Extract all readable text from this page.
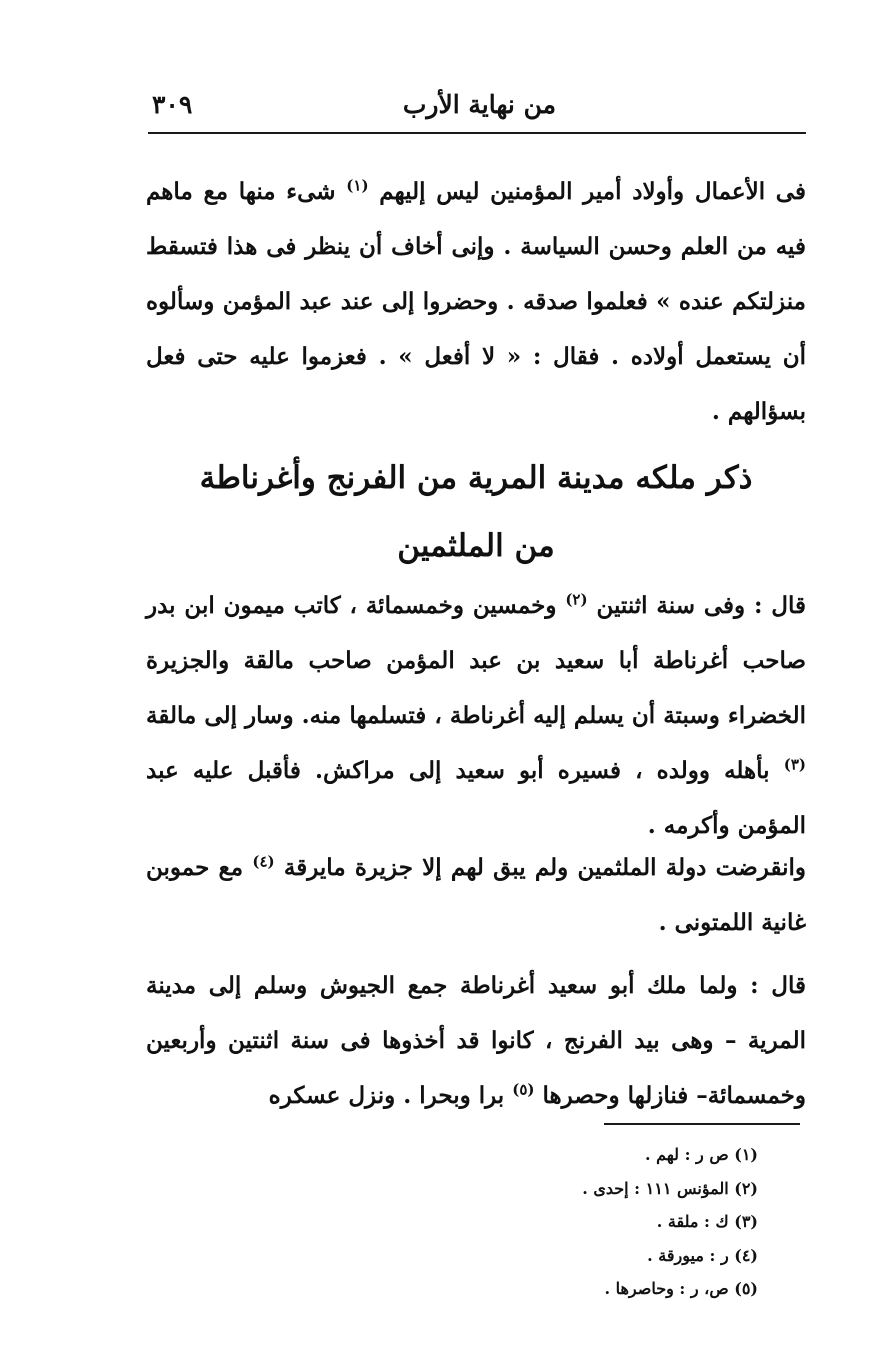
من نهاية الأرب
٣٠٩
فى الأعمال وأولاد أمير المؤمنين ليس إليهم $^{(١)}$ شىء منها مع ماهم فيه من العلم وحسن السياسة . وإنى أخاف أن ينظر فى هذا فتسقط منزلتكم عنده » فعلموا صدقه . وحضروا إلى عند عبد المؤمن وسألوه أن يستعمل أولاده . فقال : « لا أفعل » . فعزموا عليه حتى فعل بسؤالهم .
ذكر ملكه مدينة المرية من الفرنج وأغرناطة
من الملثمين
قال : وفى سنة اثنتين $^{(٢)}$ وخمسين وخمسمائة ، كاتب ميمون ابن بدر صاحب أغرناطة أبا سعيد بن عبد المؤمن صاحب مالقة والجزيرة الخضراء وسبتة أن يسلم إليه أغرناطة ، فتسلمها منه. وسار إلى مالقة $^{(٣)}$ بأهله وولده ، فسيره أبو سعيد إلى مراكش. فأقبل عليه عبد المؤمن وأكرمه .
وانقرضت دولة الملثمين ولم يبق لهم إلا جزيرة مايرقة $^{(٤)}$ مع حموبن غانية اللمتونى .
قال : ولما ملك أبو سعيد أغرناطة جمع الجيوش وسلم إلى مدينة المرية – وهى بيد الفرنج ، كانوا قد أخذوها فى سنة اثنتين وأربعين وخمسمائة– فنازلها وحصرها $^{(٥)}$ برا وبحرا . ونزل عسكره
(١) ص ر : لهم .
(٢) المؤنس ١١١ : إحدى .
(٣) ك : ملقة .
(٤) ر : ميورقة .
(٥) ص، ر : وحاصرها .
